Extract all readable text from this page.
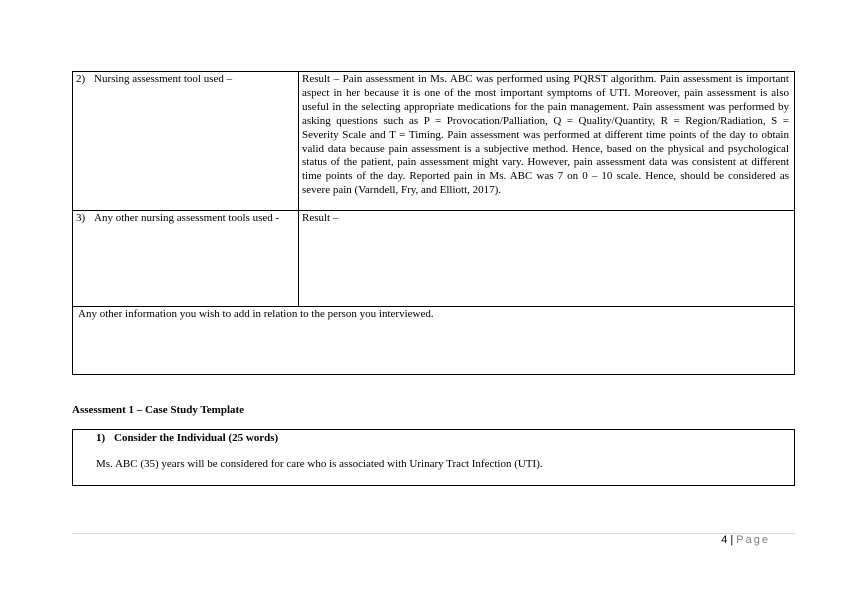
2) Nursing assessment tool used –	Result – Pain assessment in Ms. ABC was performed using PQRST algorithm. Pain assessment is important aspect in her because it is one of the most important symptoms of UTI. Moreover, pain assessment is also useful in the selecting appropriate medications for the pain management. Pain assessment was performed by asking questions such as P = Provocation/Palliation, Q = Quality/Quantity, R = Region/Radiation, S = Severity Scale and T = Timing. Pain assessment was performed at different time points of the day to obtain valid data because pain assessment is a subjective method. Hence, based on the physical and psychological status of the patient, pain assessment might vary. However, pain assessment data was consistent at different time points of the day. Reported pain in Ms. ABC was 7 on 0 – 10 scale. Hence, should be considered as severe pain (Varndell, Fry, and Elliott, 2017).

3) Any other nursing assessment tools used -	Result –

Any other information you wish to add in relation to the person you interviewed.	
Assessment 1 – Case Study Template
1) Consider the Individual (25 words)
Ms. ABC (35) years will be considered for care who is associated with Urinary Tract Infection (UTI).
4 | Page
